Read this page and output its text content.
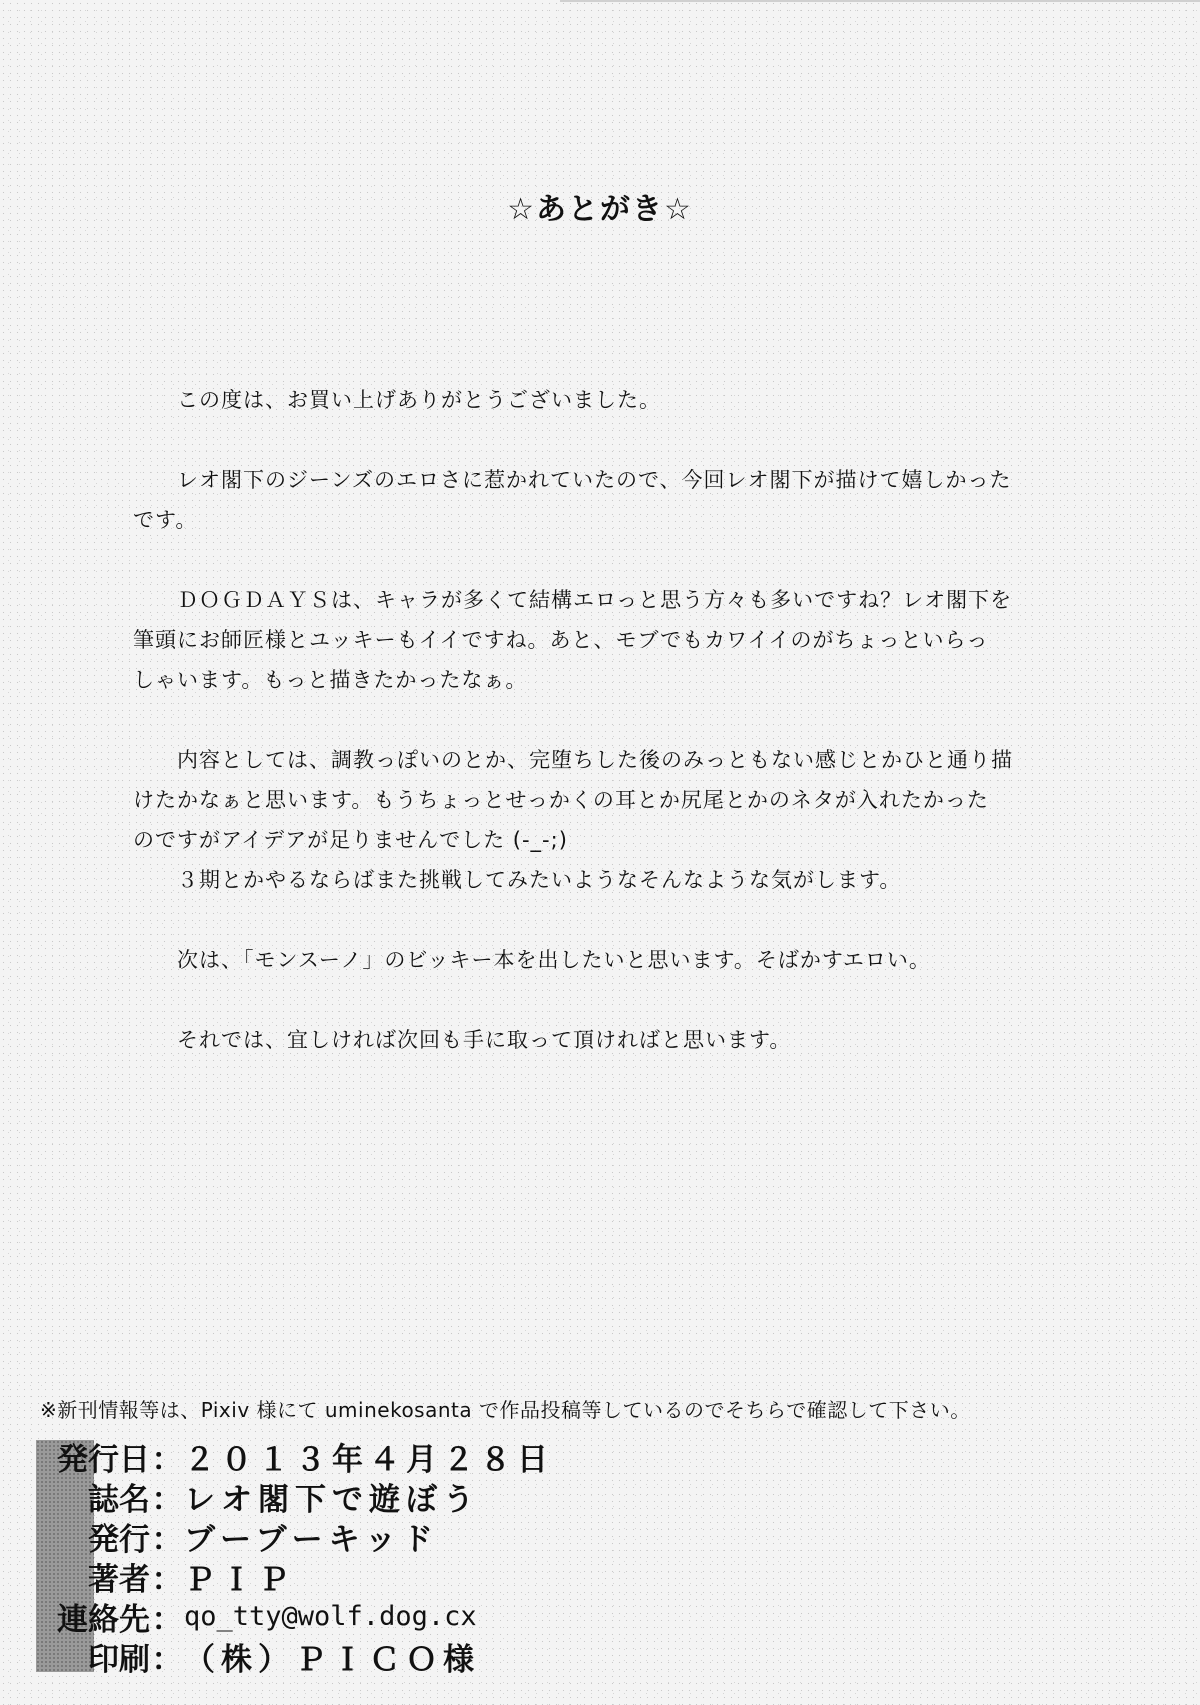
☆あとがき☆

この度は、お買い上げありがとうございました。

レオ閣下のジーンズのエロさに惹かれていたので、今回レオ閣下が描けて嬉しかった

です。

ＤＯＧＤＡＹＳは、キャラが多くて結構エロっと思う方々も多いですね？レオ閣下を

筆頭にお師匠様とユッキーもイイですね。あと、モブでもカワイイのがちょっといらっ

しゃいます。もっと描きたかったなぁ。

内容としては、調教っぽいのとか、完堕ちした後のみっともない感じとかひと通り描

けたかなぁと思います。もうちょっとせっかくの耳とか尻尾とかのネタが入れたかった

のですがアイデアが足りませんでした (-_-;)

３期とかやるならばまた挑戦してみたいようなそんなような気がします。

次は、「モンスーノ」のビッキー本を出したいと思います。そばかすエロい。

それでは、宜しければ次回も手に取って頂ければと思います。

※新刊情報等は、Pixiv 様にて uminekosanta で作品投稿等しているのでそちらで確認して下さい。

発行日 ： ２０１３年４月２８日
誌名 ： レオ閣下で遊ぼう
発行 ： ブーブーキッド
著者 ： ＰＩＰ
連絡先 ： qo_tty@wolf.dog.cx
印刷 ： （株）ＰＩＣＯ様
